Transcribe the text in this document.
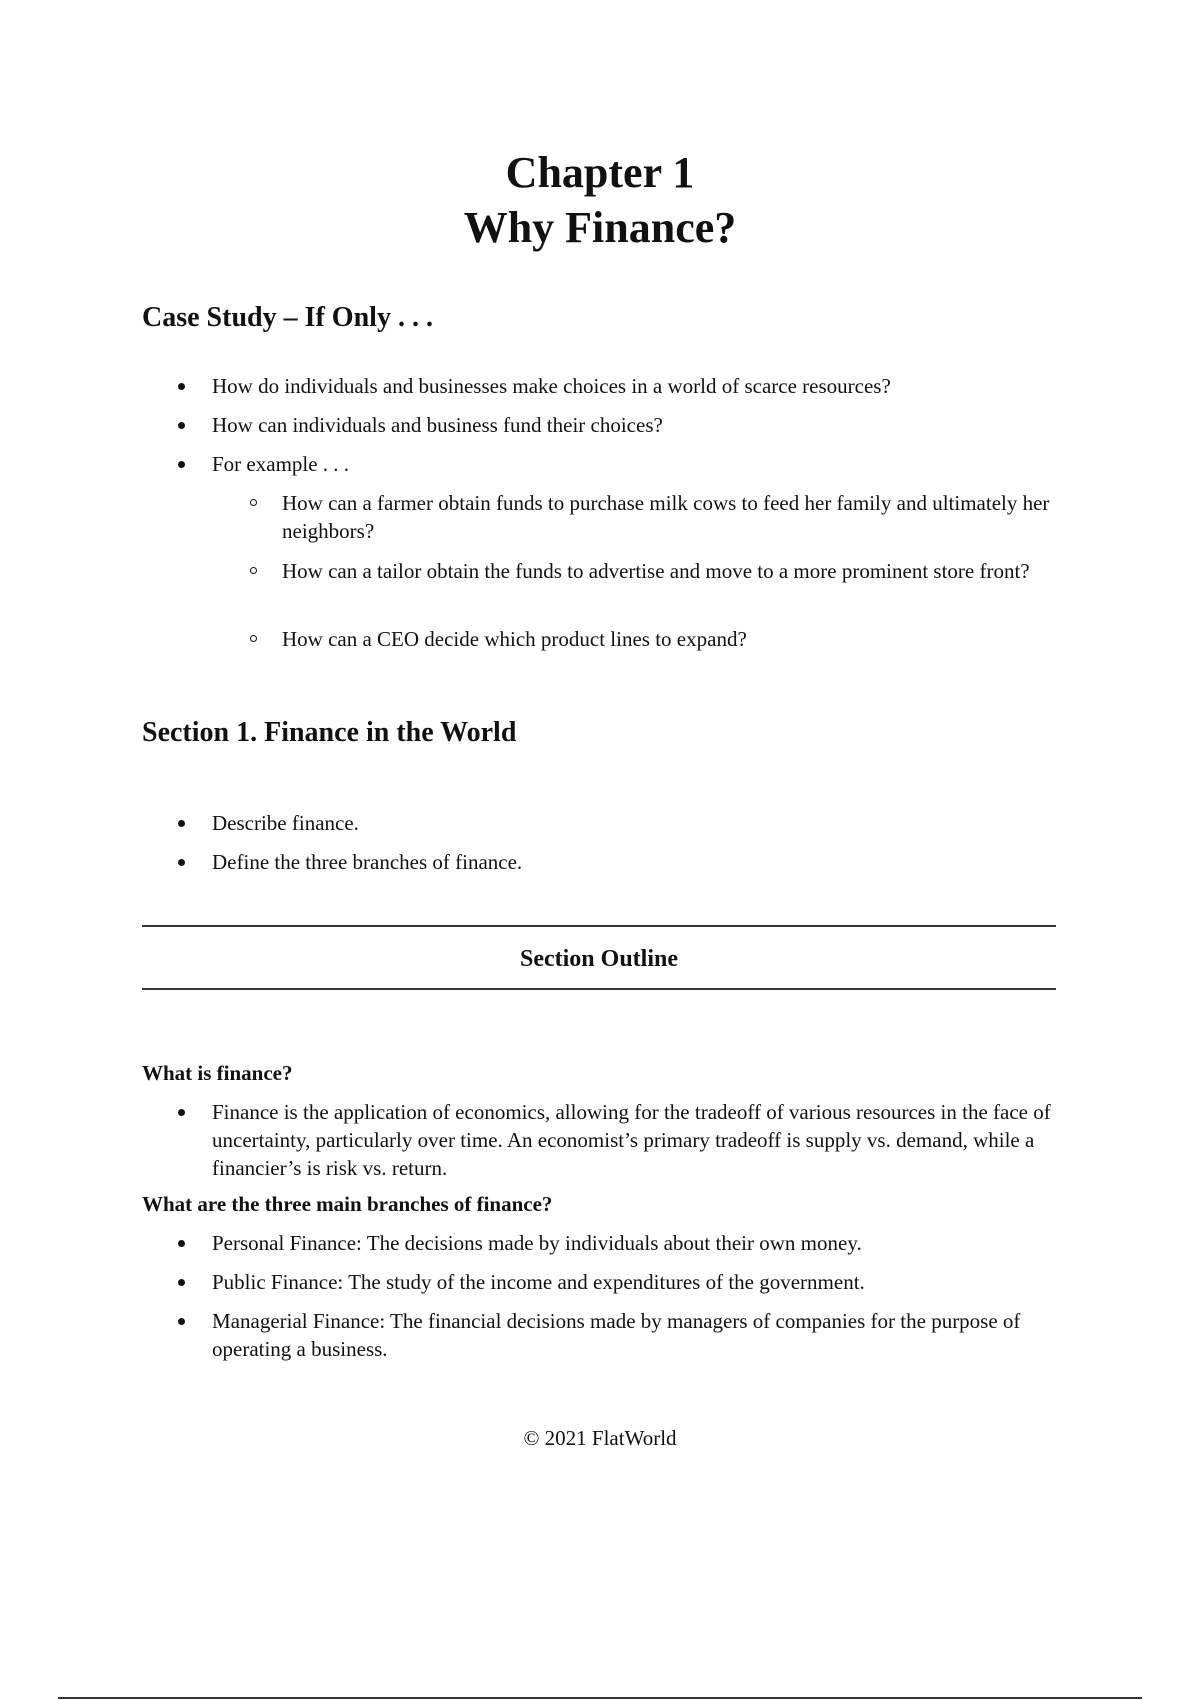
Chapter 1
Why Finance?
Case Study – If Only . . .
How do individuals and businesses make choices in a world of scarce resources?
How can individuals and business fund their choices?
For example . . .
How can a farmer obtain funds to purchase milk cows to feed her family and ultimately her neighbors?
How can a tailor obtain the funds to advertise and move to a more prominent store front?
How can a CEO decide which product lines to expand?
Section 1. Finance in the World
Describe finance.
Define the three branches of finance.
Section Outline
What is finance?
Finance is the application of economics, allowing for the tradeoff of various resources in the face of uncertainty, particularly over time. An economist’s primary tradeoff is supply vs. demand, while a financier’s is risk vs. return.
What are the three main branches of finance?
Personal Finance: The decisions made by individuals about their own money.
Public Finance: The study of the income and expenditures of the government.
Managerial Finance: The financial decisions made by managers of companies for the purpose of operating a business.
© 2021 FlatWorld
